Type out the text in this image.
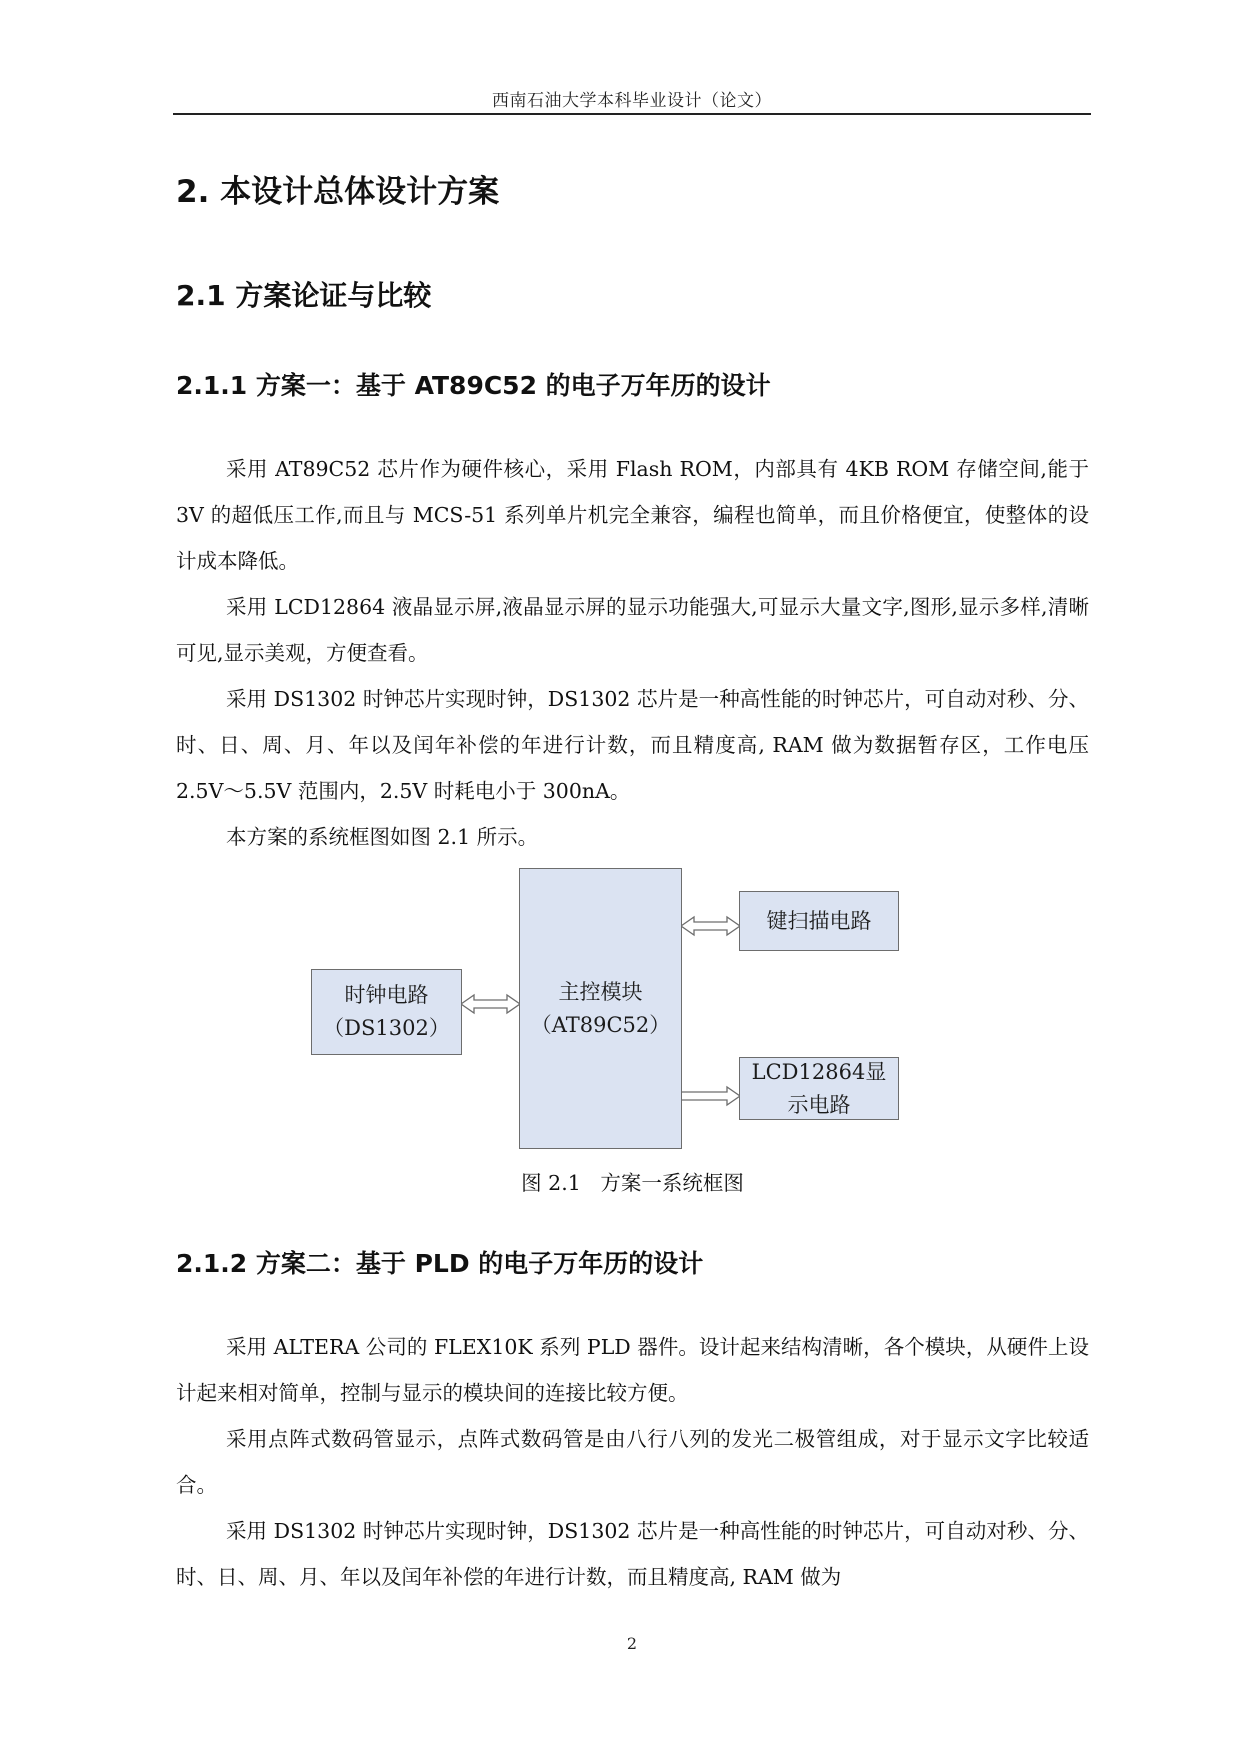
西南石油大学本科毕业设计（论文）
2. 本设计总体设计方案
2.1 方案论证与比较
2.1.1 方案一：基于 AT89C52 的电子万年历的设计

采用 AT89C52 芯片作为硬件核心，采用 Flash ROM，内部具有 4KB ROM 存储空间,能于 3V 的超低压工作,而且与 MCS-51 系列单片机完全兼容，编程也简单，而且价格便宜，使整体的设计成本降低。

采用 LCD12864 液晶显示屏,液晶显示屏的显示功能强大,可显示大量文字,图形,显示多样,清晰可见,显示美观，方便查看。

采用 DS1302 时钟芯片实现时钟，DS1302 芯片是一种高性能的时钟芯片，可自动对秒、分、时、日、周、月、年以及闰年补偿的年进行计数，而且精度高, RAM 做为数据暂存区，工作电压 2.5V～5.5V 范围内，2.5V 时耗电小于 300nA。

本方案的系统框图如图 2.1 所示。

时钟电路
（DS1302）
主控模块
（AT89C52）
键扫描电路
LCD12864显
示电路
图 2.1   方案一系统框图
2.1.2 方案二：基于 PLD 的电子万年历的设计

采用 ALTERA 公司的 FLEX10K 系列 PLD 器件。设计起来结构清晰，各个模块，从硬件上设计起来相对简单，控制与显示的模块间的连接比较方便。

采用点阵式数码管显示，点阵式数码管是由八行八列的发光二极管组成，对于显示文字比较适合。

采用 DS1302 时钟芯片实现时钟，DS1302 芯片是一种高性能的时钟芯片，可自动对秒、分、时、日、周、月、年以及闰年补偿的年进行计数，而且精度高, RAM 做为

2
